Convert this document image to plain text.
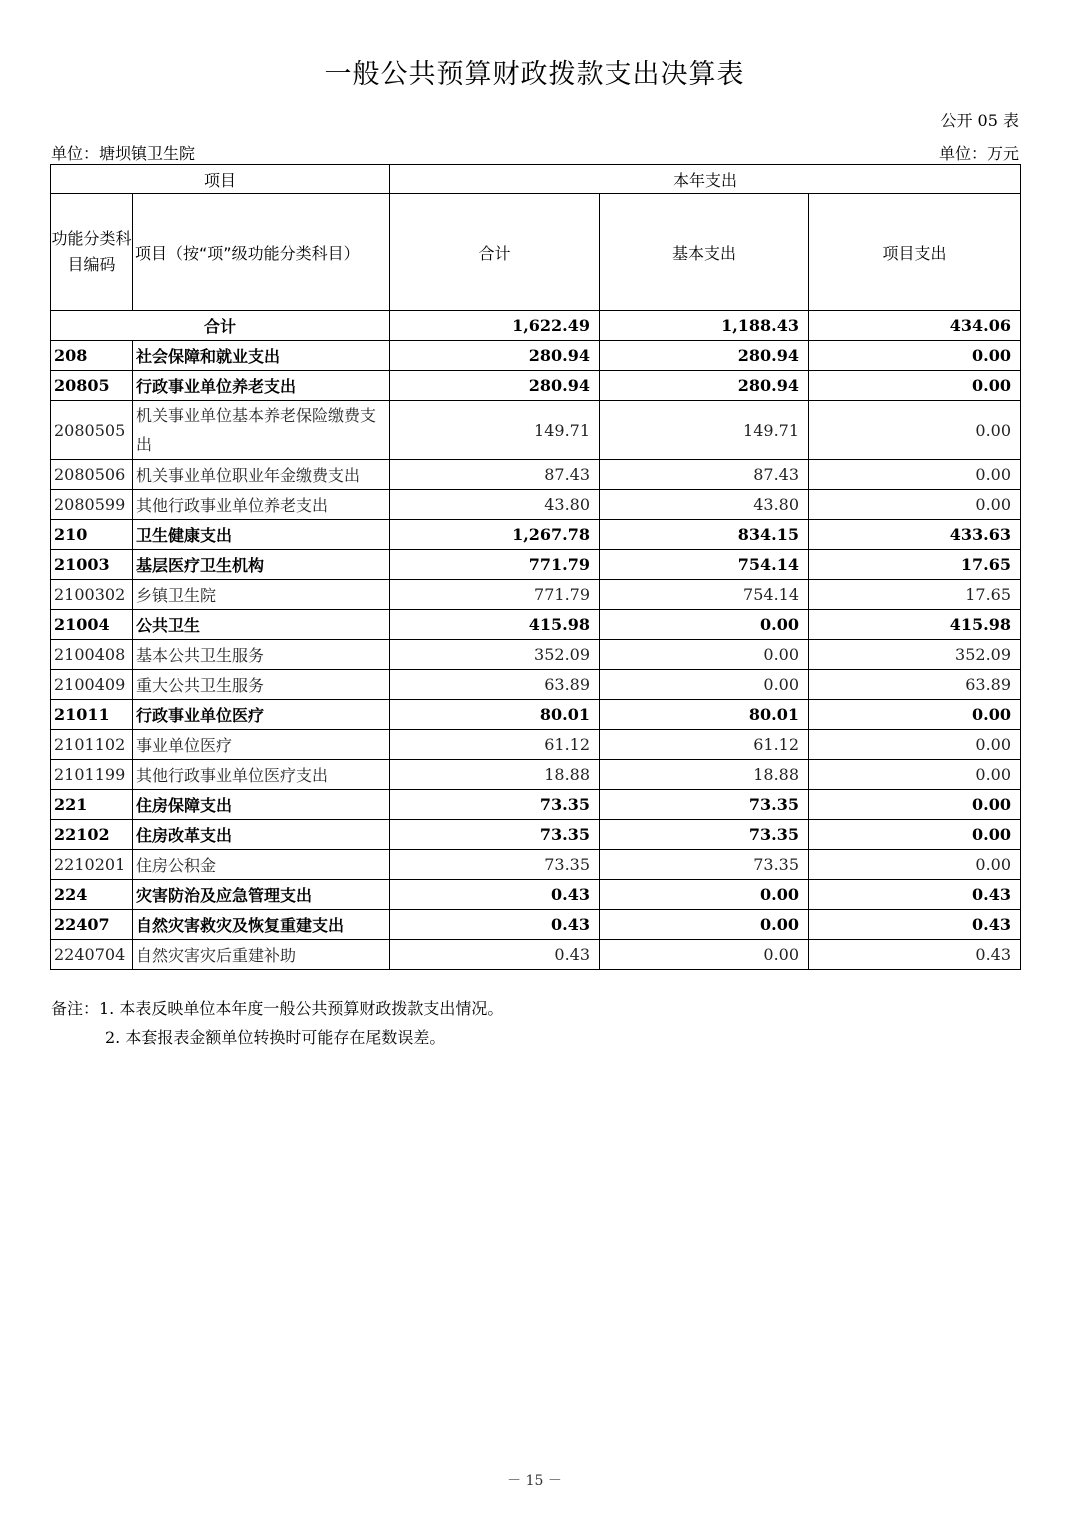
一般公共预算财政拨款支出决算表
公开 05 表
单位：塘坝镇卫生院	单位：万元
项目		本年支出		
功能分类科目编码	项目（按“项”级功能分类科目）	合计	基本支出	项目支出
合计		1,622.49	1,188.43	434.06
208	社会保障和就业支出	280.94	280.94	0.00
20805	行政事业单位养老支出	280.94	280.94	0.00
2080505	机关事业单位基本养老保险缴费支出	149.71	149.71	0.00
2080506	机关事业单位职业年金缴费支出	87.43	87.43	0.00
2080599	其他行政事业单位养老支出	43.80	43.80	0.00
210	卫生健康支出	1,267.78	834.15	433.63
21003	基层医疗卫生机构	771.79	754.14	17.65
2100302	乡镇卫生院	771.79	754.14	17.65
21004	公共卫生	415.98	0.00	415.98
2100408	基本公共卫生服务	352.09	0.00	352.09
2100409	重大公共卫生服务	63.89	0.00	63.89
21011	行政事业单位医疗	80.01	80.01	0.00
2101102	事业单位医疗	61.12	61.12	0.00
2101199	其他行政事业单位医疗支出	18.88	18.88	0.00
221	住房保障支出	73.35	73.35	0.00
22102	住房改革支出	73.35	73.35	0.00
2210201	住房公积金	73.35	73.35	0.00
224	灾害防治及应急管理支出	0.43	0.00	0.43
22407	自然灾害救灾及恢复重建支出	0.43	0.00	0.43
2240704	自然灾害灾后重建补助	0.43	0.00	0.43
备注：1. 本表反映单位本年度一般公共预算财政拨款支出情况。
2. 本套报表金额单位转换时可能存在尾数误差。
－ 15 －
